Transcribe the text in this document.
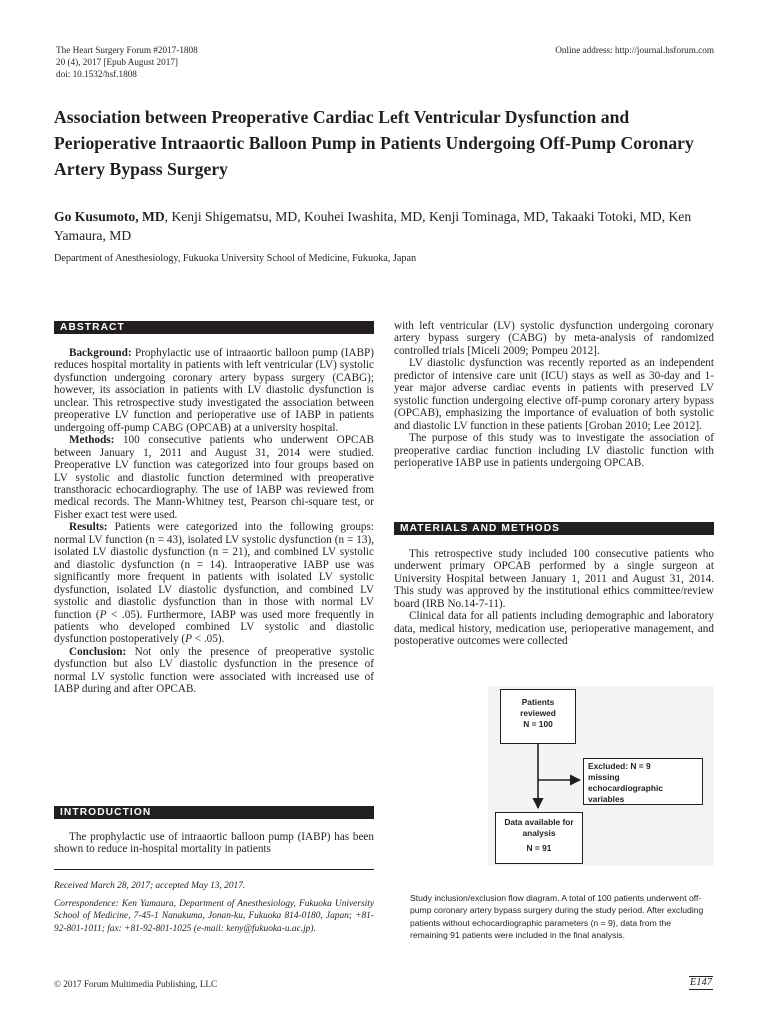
The Heart Surgery Forum #2017-1808
20 (4), 2017 [Epub August 2017]
doi: 10.1532/hsf.1808
Online address: http://journal.hsforum.com
Association between Preoperative Cardiac Left Ventricular Dysfunction and Perioperative Intraaortic Balloon Pump in Patients Undergoing Off-Pump Coronary Artery Bypass Surgery
Go Kusumoto, MD, Kenji Shigematsu, MD, Kouhei Iwashita, MD, Kenji Tominaga, MD, Takaaki Totoki, MD, Ken Yamaura, MD
Department of Anesthesiology, Fukuoka University School of Medicine, Fukuoka, Japan
ABSTRACT

Background: Prophylactic use of intraaortic balloon pump (IABP) reduces hospital mortality in patients with left ventricular (LV) systolic dysfunction undergoing coronary artery bypass surgery (CABG); however, its association in patients with LV diastolic dysfunction is unclear. This retrospective study investigated the association between preoperative LV function and perioperative use of IABP in patients undergoing off-pump CABG (OPCAB) at a university hospital.

Methods: 100 consecutive patients who underwent OPCAB between January 1, 2011 and August 31, 2014 were studied. Preoperative LV function was categorized into four groups based on LV systolic and diastolic function determined with preoperative transthoracic echocardiography. The use of IABP was reviewed from medical records. The Mann-Whitney test, Pearson chi-square test, or Fisher exact test were used.

Results: Patients were categorized into the following groups: normal LV function (n = 43), isolated LV systolic dysfunction (n = 13), isolated LV diastolic dysfunction (n = 21), and combined LV systolic and diastolic dysfunction (n = 14). Intraoperative IABP use was significantly more frequent in patients with isolated LV systolic dysfunction, isolated LV diastolic dysfunction, and combined LV systolic and diastolic dysfunction than in those with normal LV function (P < .05). Furthermore, IABP was used more frequently in patients who developed combined LV systolic and diastolic dysfunction postoperatively (P < .05).

Conclusion: Not only the presence of preoperative systolic dysfunction but also LV diastolic dysfunction in the presence of normal LV systolic function were associated with increased use of IABP during and after OPCAB.

INTRODUCTION

The prophylactic use of intraaortic balloon pump (IABP) has been shown to reduce in-hospital mortality in patients

Received March 28, 2017; accepted May 13, 2017.

Correspondence: Ken Yamaura, Department of Anesthesiology, Fukuoka University School of Medicine, 7-45-1 Nanakuma, Jonan-ku, Fukuoka 814-0180, Japan; +81-92-801-1011; fax: +81-92-801-1025 (e-mail: keny@fukuoka-u.ac.jp).

with left ventricular (LV) systolic dysfunction undergoing coronary artery bypass surgery (CABG) by meta-analysis of randomized controlled trials [Miceli 2009; Pompeu 2012].

LV diastolic dysfunction was recently reported as an independent predictor of intensive care unit (ICU) stays as well as 30-day and 1-year major adverse cardiac events in patients with preserved LV systolic function undergoing elective off-pump coronary artery bypass (OPCAB), emphasizing the importance of evaluation of both systolic and diastolic LV function in these patients [Groban 2010; Lee 2012].

The purpose of this study was to investigate the association of preoperative cardiac function including LV diastolic function with perioperative IABP use in patients undergoing OPCAB.

MATERIALS AND METHODS

This retrospective study included 100 consecutive patients who underwent primary OPCAB performed by a single surgeon at University Hospital between January 1, 2011 and August 31, 2014. This study was approved by the institutional ethics committee/review board (IRB No.14-7-11).

Clinical data for all patients including demographic and laboratory data, medical history, medication use, perioperative management, and postoperative outcomes were collected

Patients
reviewed
N = 100
Excluded: N = 9
missing
echocardiographic
variables
Data available for
analysis
N = 91
Study inclusion/exclusion flow diagram. A total of 100 patients underwent off-pump coronary artery bypass surgery during the study period. After excluding patients without echocardiographic parameters (n = 9), data from the remaining 91 patients were included in the final analysis.
© 2017 Forum Multimedia Publishing, LLC	E147
